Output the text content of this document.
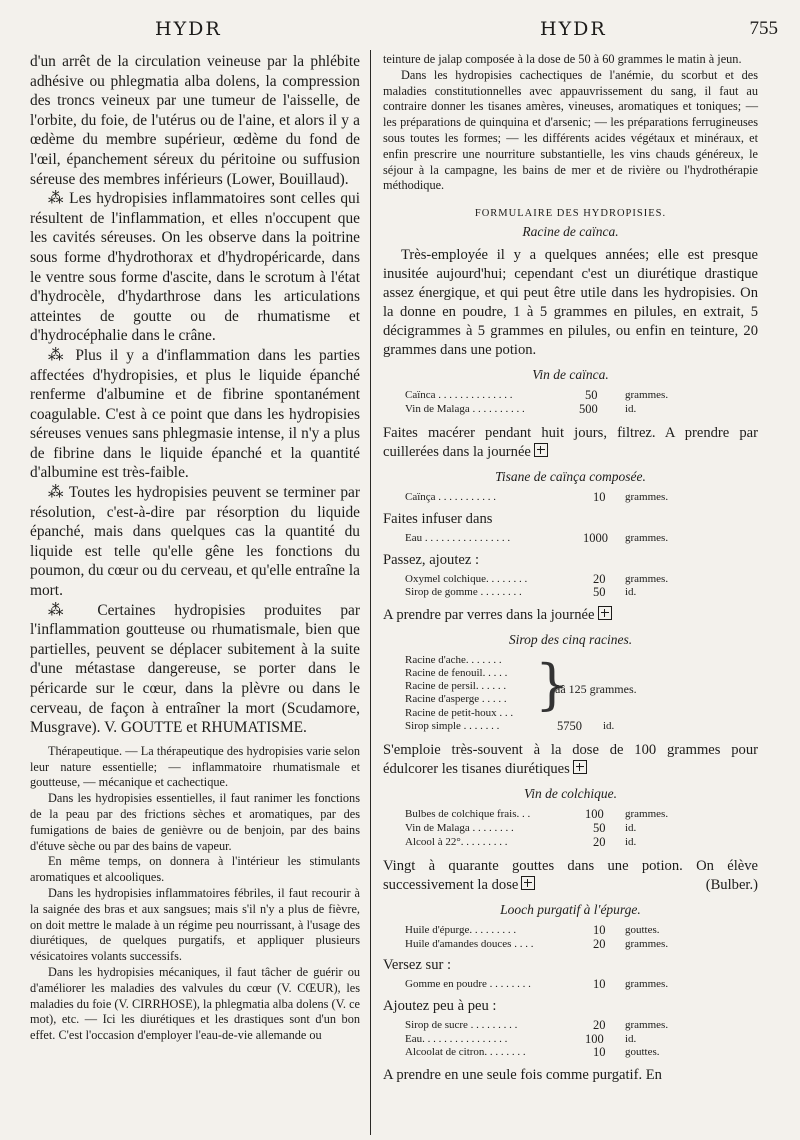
HYDR	HYDR	755

d'un arrêt de la circulation veineuse par la phlébite adhésive ou phlegmatia alba dolens, la compression des troncs veineux par une tumeur de l'aisselle, de l'orbite, du foie, de l'utérus ou de l'aine, et alors il y a œdème du membre supérieur, œdème du fond de l'œil, épanchement séreux du péritoine ou suffusion séreuse des membres inférieurs (Lower, Bouillaud).

⁂ Les hydropisies inflammatoires sont celles qui résultent de l'inflammation, et elles n'occupent que les cavités séreuses. On les observe dans la poitrine sous forme d'hydrothorax et d'hydropéricarde, dans le ventre sous forme d'ascite, dans le scrotum à l'état d'hydrocèle, d'hydarthrose dans les articulations atteintes de goutte ou de rhumatisme et d'hydrocéphalie dans le crâne.

⁂ Plus il y a d'inflammation dans les parties affectées d'hydropisies, et plus le liquide épanché renferme d'albumine et de fibrine spontanément coagulable. C'est à ce point que dans les hydropisies séreuses venues sans phlegmasie intense, il n'y a plus de fibrine dans le liquide épanché et la quantité d'albumine est très-faible.

⁂ Toutes les hydropisies peuvent se terminer par résolution, c'est-à-dire par résorption du liquide épanché, mais dans quelques cas la quantité du liquide est telle qu'elle gêne les fonctions du poumon, du cœur ou du cerveau, et qu'elle entraîne la mort.

⁂ Certaines hydropisies produites par l'inflammation goutteuse ou rhumatismale, bien que partielles, peuvent se déplacer subitement à la suite d'une métastase dangereuse, se porter dans le péricarde sur le cœur, dans la plèvre ou dans le cerveau, de façon à entraîner la mort (Scudamore, Musgrave). V. GOUTTE et RHUMATISME.

Thérapeutique. — La thérapeutique des hydropisies varie selon leur nature essentielle; — inflammatoire rhumatismale et goutteuse, — mécanique et cachectique.

Dans les hydropisies essentielles, il faut ranimer les fonctions de la peau par des frictions sèches et aromatiques, par des fumigations de baies de genièvre ou de benjoin, par des bains d'étuve sèche ou par des bains de vapeur.

En même temps, on donnera à l'intérieur les stimulants aromatiques et alcooliques.

Dans les hydropisies inflammatoires fébriles, il faut recourir à la saignée des bras et aux sangsues; mais s'il n'y a plus de fièvre, on doit mettre le malade à un régime peu nourrissant, à l'usage des diurétiques, de quelques purgatifs, et appliquer plusieurs vésicatoires volants successifs.

Dans les hydropisies mécaniques, il faut tâcher de guérir ou d'améliorer les maladies des valvules du cœur (V. CŒUR), les maladies du foie (V. CIRRHOSE), la phlegmatia alba dolens (V. ce mot), etc. — Ici les diurétiques et les drastiques sont d'un bon effet. C'est l'occasion d'employer l'eau-de-vie allemande ou

teinture de jalap composée à la dose de 50 à 60 grammes le matin à jeun.

Dans les hydropisies cachectiques de l'anémie, du scorbut et des maladies constitutionnelles avec appauvrissement du sang, il faut au contraire donner les tisanes amères, vineuses, aromatiques et toniques; — les préparations de quinquina et d'arsenic; — les préparations ferrugineuses sous toutes les formes; — les différents acides végétaux et minéraux, et enfin prescrire une nourriture substantielle, les vins chauds généreux, le séjour à la campagne, les bains de mer et de rivière ou l'hydrothérapie méthodique.

FORMULAIRE DES HYDROPISIES.
Racine de caïnca.

Très-employée il y a quelques années; elle est presque inusitée aujourd'hui; cependant c'est un diurétique drastique assez énergique, et qui peut être utile dans les hydropisies. On la donne en poudre, 1 à 5 grammes en pilules, en extrait, 5 décigrammes à 5 grammes en pilules, ou enfin en teinture, 20 grammes dans une potion.

Vin de caïnca.
Caïnca . . . . . . . . . . . . . .	50	grammes.
Vin de Malaga . . . . . . . . . .	500 id.

Faites macérer pendant huit jours, filtrez. A prendre par cuillerées dans la journée

Tisane de caïnça composée.
Caïnça . . . . . . . . . . .	10 grammes.

Faites infuser dans

Eau . . . . . . . . . . . . . . . .	1000 grammes.

Passez, ajoutez :

Oxymel colchique. . . . . . . .	20 grammes.
Sirop de gomme . . . . . . . .	50 id.

A prendre par verres dans la journée

Sirop des cinq racines.
Racine d'ache. . . . . . .
Racine de fenouil. . . . .
Racine de persil. . . . . .
Racine d'asperge . . . . .
Racine de petit-houx . . . }
ââ 125 grammes.
Sirop simple . . . . . . .	5750 id.

S'emploie très-souvent à la dose de 100 grammes pour édulcorer les tisanes diurétiques

Vin de colchique.
Bulbes de colchique frais. . .	100 grammes.
Vin de Malaga . . . . . . . .	50 id.
Alcool à 22°. . . . . . . . .	20 id.

Vingt à quarante gouttes dans une potion. On élève successivement la dose	(Bulber.)

Looch purgatif à l'épurge.
Huile d'épurge. . . . . . . . .	10 gouttes.
Huile d'amandes douces . . . .	20 grammes.

Versez sur :

Gomme en poudre . . . . . . . .	10 grammes.

Ajoutez peu à peu :

Sirop de sucre . . . . . . . . .	20 grammes.
Eau. . . . . . . . . . . . . . . .	100 id.
Alcoolat de citron. . . . . . . .	10 gouttes.

A prendre en une seule fois comme purgatif. En
